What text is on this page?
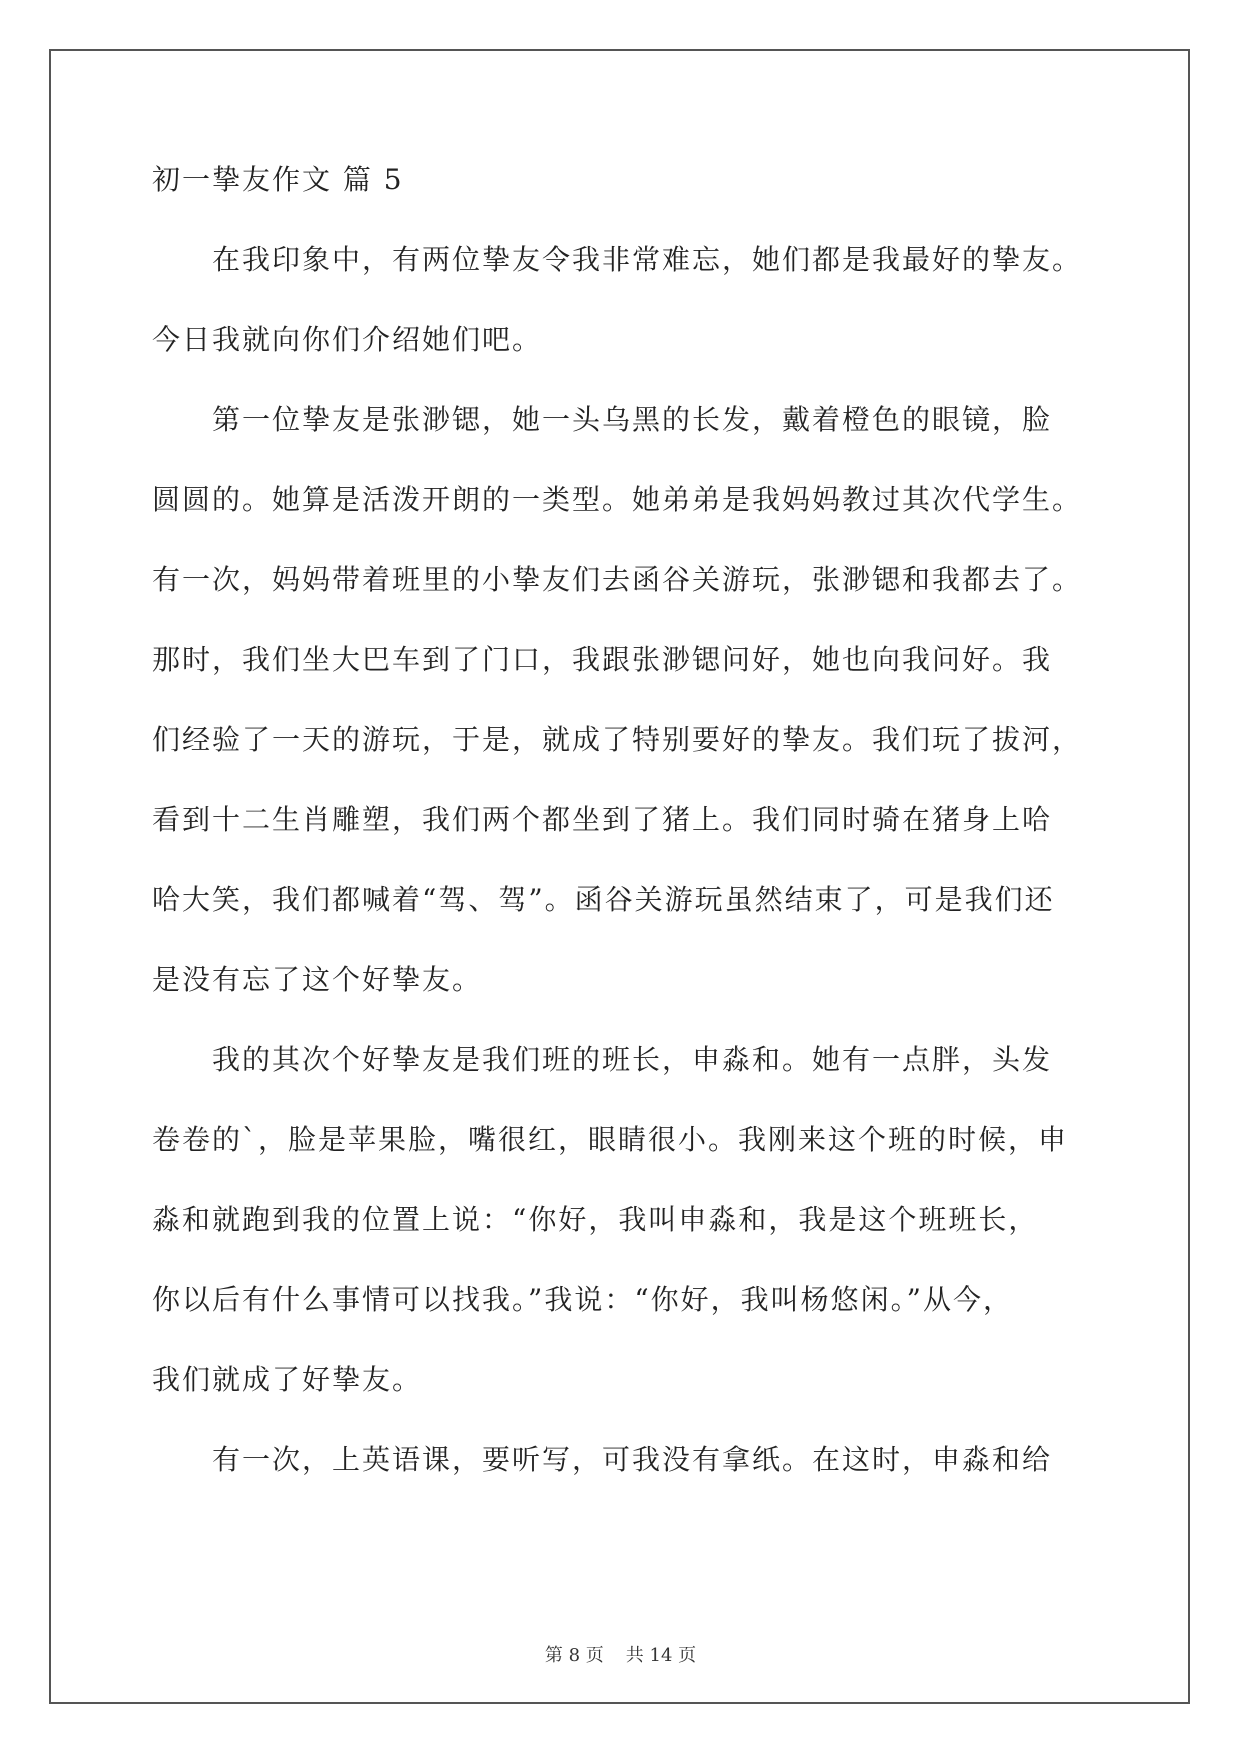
初一挚友作文 篇 5
在我印象中，有两位挚友令我非常难忘，她们都是我最好的挚友。
今日我就向你们介绍她们吧。
第一位挚友是张渺锶，她一头乌黑的长发，戴着橙色的眼镜，脸
圆圆的。她算是活泼开朗的一类型。她弟弟是我妈妈教过其次代学生。
有一次，妈妈带着班里的小挚友们去函谷关游玩，张渺锶和我都去了。
那时，我们坐大巴车到了门口，我跟张渺锶问好，她也向我问好。我
们经验了一天的游玩，于是，就成了特别要好的挚友。我们玩了拔河，
看到十二生肖雕塑，我们两个都坐到了猪上。我们同时骑在猪身上哈
哈大笑，我们都喊着“驾、驾”。函谷关游玩虽然结束了，可是我们还
是没有忘了这个好挚友。
我的其次个好挚友是我们班的班长，申淼和。她有一点胖，头发
卷卷的`，脸是苹果脸，嘴很红，眼睛很小。我刚来这个班的时候，申
淼和就跑到我的位置上说：“你好，我叫申淼和，我是这个班班长，
你以后有什么事情可以找我。”我说：“你好，我叫杨悠闲。”从今，
我们就成了好挚友。
有一次，上英语课，要听写，可我没有拿纸。在这时，申淼和给
第 8 页 共 14 页
